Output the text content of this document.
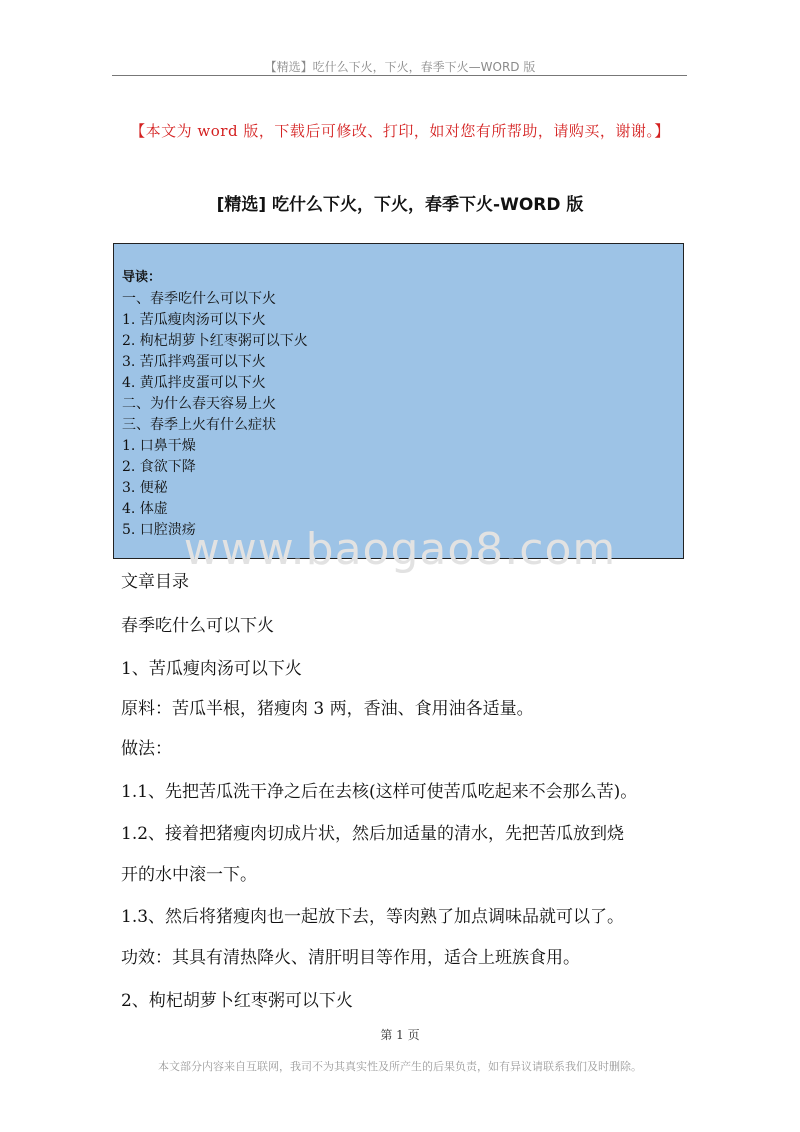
【精选】吃什么下火，下火，春季下火—WORD 版
【本文为 word 版，下载后可修改、打印，如对您有所帮助，请购买，谢谢。】
[精选] 吃什么下火，下火，春季下火-WORD 版
导读：
一、春季吃什么可以下火
1. 苦瓜瘦肉汤可以下火
2. 枸杞胡萝卜红枣粥可以下火
3. 苦瓜拌鸡蛋可以下火
4. 黄瓜拌皮蛋可以下火
二、为什么春天容易上火
三、春季上火有什么症状
1. 口鼻干燥
2. 食欲下降
3. 便秘
4. 体虚
5. 口腔溃疡
www.baogao8.com
文章目录
春季吃什么可以下火
1、苦瓜瘦肉汤可以下火
原料：苦瓜半根，猪瘦肉 3 两，香油、食用油各适量。
做法：
1.1、先把苦瓜洗干净之后在去核(这样可使苦瓜吃起来不会那么苦)。
1.2、接着把猪瘦肉切成片状，然后加适量的清水，先把苦瓜放到烧
开的水中滚一下。
1.3、然后将猪瘦肉也一起放下去，等肉熟了加点调味品就可以了。
功效：其具有清热降火、清肝明目等作用，适合上班族食用。
2、枸杞胡萝卜红枣粥可以下火
第 1 页
本文部分内容来自互联网，我司不为其真实性及所产生的后果负责，如有异议请联系我们及时删除。
